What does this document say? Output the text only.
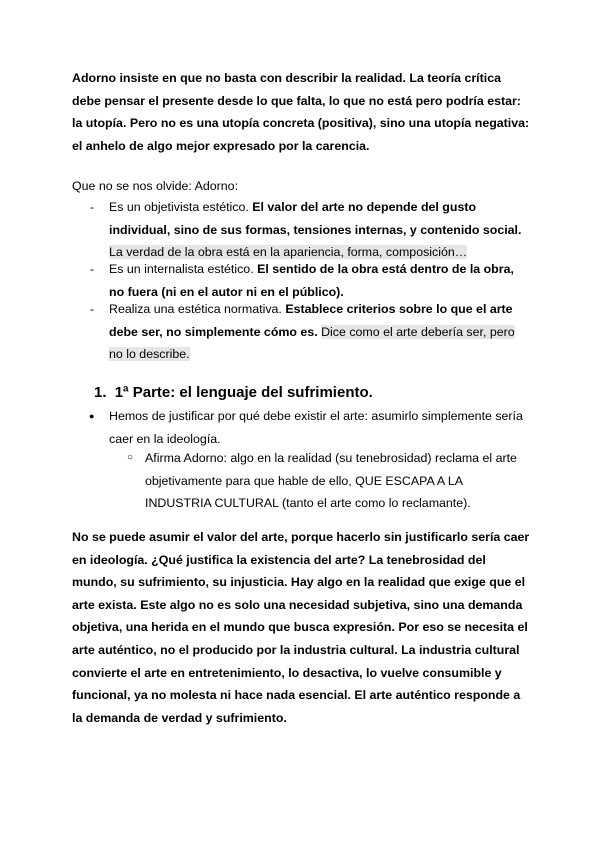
Adorno insiste en que no basta con describir la realidad. La teoría crítica debe pensar el presente desde lo que falta, lo que no está pero podría estar: la utopía. Pero no es una utopía concreta (positiva), sino una utopía negativa: el anhelo de algo mejor expresado por la carencia.
Que no se nos olvide: Adorno:
- Es un objetivista estético. El valor del arte no depende del gusto individual, sino de sus formas, tensiones internas, y contenido social. La verdad de la obra está en la apariencia, forma, composición…
- Es un internalista estético. El sentido de la obra está dentro de la obra, no fuera (ni en el autor ni en el público).
- Realiza una estética normativa. Establece criterios sobre lo que el arte debe ser, no simplemente cómo es. Dice como el arte debería ser, pero no lo describe.
1. 1ª Parte: el lenguaje del sufrimiento.
● Hemos de justificar por qué debe existir el arte: asumirlo simplemente sería caer en la ideología.
○ Afirma Adorno: algo en la realidad (su tenebrosidad) reclama el arte objetivamente para que hable de ello, QUE ESCAPA A LA INDUSTRIA CULTURAL (tanto el arte como lo reclamante).
No se puede asumir el valor del arte, porque hacerlo sin justificarlo sería caer en ideología. ¿Qué justifica la existencia del arte? La tenebrosidad del mundo, su sufrimiento, su injusticia. Hay algo en la realidad que exige que el arte exista. Este algo no es solo una necesidad subjetiva, sino una demanda objetiva, una herida en el mundo que busca expresión. Por eso se necesita el arte auténtico, no el producido por la industria cultural. La industria cultural convierte el arte en entretenimiento, lo desactiva, lo vuelve consumible y funcional, ya no molesta ni hace nada esencial. El arte auténtico responde a la demanda de verdad y sufrimiento.
